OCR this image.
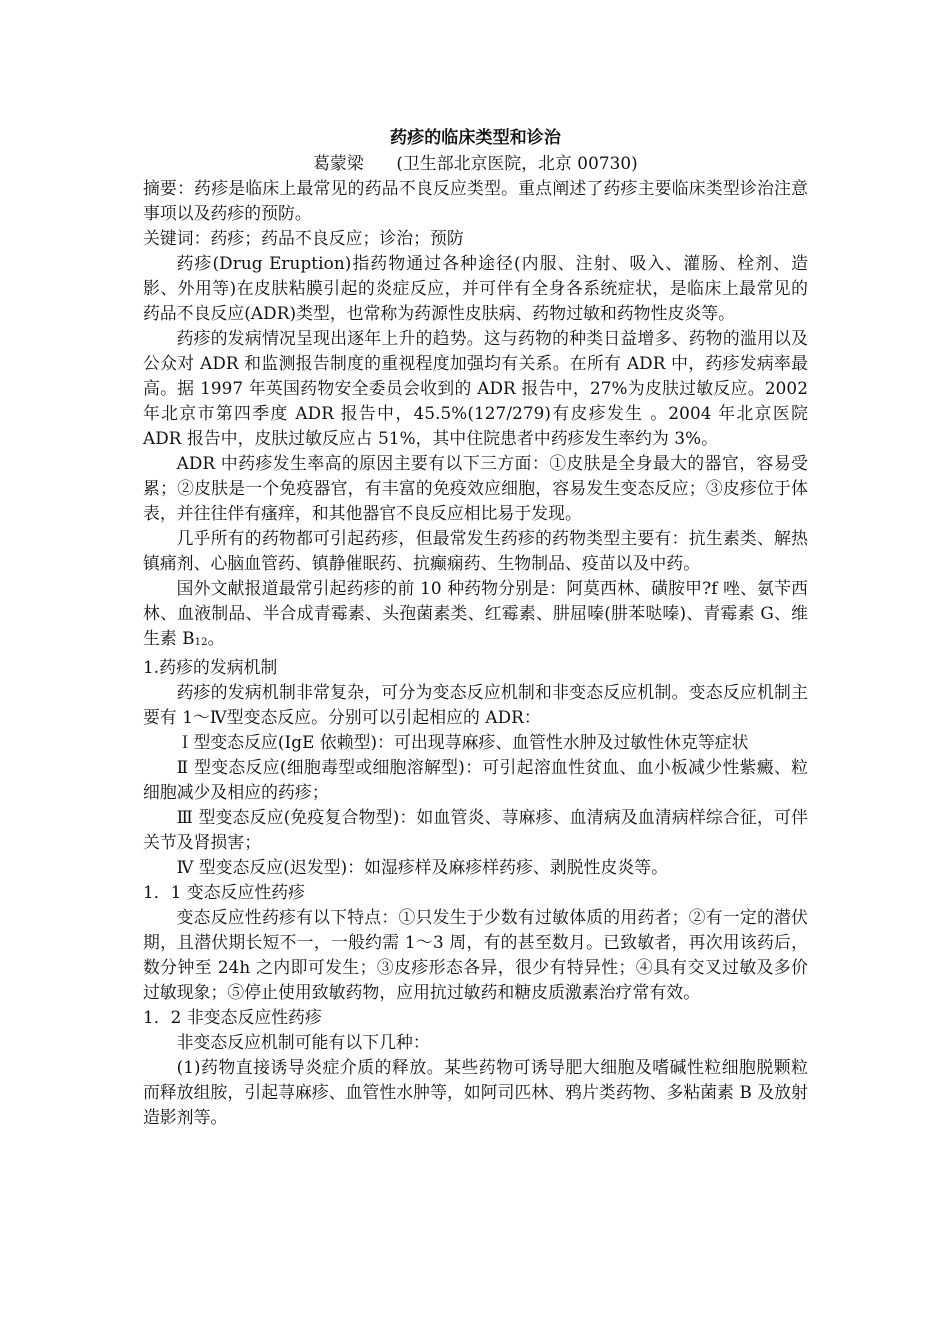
药疹的临床类型和诊治
葛蒙梁      (卫生部北京医院，北京 00730)

摘要：药疹是临床上最常见的药品不良反应类型。重点阐述了药疹主要临床类型诊治注意事项以及药疹的预防。

关键词：药疹；药品不良反应；诊治；预防

药疹(Drug Eruption)指药物通过各种途径(内服、注射、吸入、灌肠、栓剂、造影、外用等)在皮肤粘膜引起的炎症反应，并可伴有全身各系统症状，是临床上最常见的药品不良反应(ADR)类型，也常称为药源性皮肤病、药物过敏和药物性皮炎等。

药疹的发病情况呈现出逐年上升的趋势。这与药物的种类日益增多、药物的滥用以及公众对 ADR 和监测报告制度的重视程度加强均有关系。在所有 ADR 中，药疹发病率最高。据 1997 年英国药物安全委员会收到的 ADR 报告中，27%为皮肤过敏反应。2002 年北京市第四季度 ADR 报告中，45.5%(127/279)有皮疹发生 。2004 年北京医院 ADR 报告中，皮肤过敏反应占 51%，其中住院患者中药疹发生率约为 3%。

ADR 中药疹发生率高的原因主要有以下三方面：①皮肤是全身最大的器官，容易受累；②皮肤是一个免疫器官，有丰富的免疫效应细胞，容易发生变态反应；③皮疹位于体表，并往往伴有瘙痒，和其他器官不良反应相比易于发现。

几乎所有的药物都可引起药疹，但最常发生药疹的药物类型主要有：抗生素类、解热镇痛剂、心脑血管药、镇静催眠药、抗癫痫药、生物制品、疫苗以及中药。

国外文献报道最常引起药疹的前 10 种药物分别是：阿莫西林、磺胺甲?f 唑、氨苄西林、血液制品、半合成青霉素、头孢菌素类、红霉素、肼屈嗪(肼苯哒嗪)、青霉素 G、维生素 $B_{12}$。

1.药疹的发病机制

药疹的发病机制非常复杂，可分为变态反应机制和非变态反应机制。变态反应机制主要有 1～Ⅳ型变态反应。分别可以引起相应的 ADR：

Ｉ型变态反应(IgE 依赖型)：可出现荨麻疹、血管性水肿及过敏性休克等症状

Ⅱ 型变态反应(细胞毒型或细胞溶解型)：可引起溶血性贫血、血小板减少性紫癜、粒细胞减少及相应的药疹；

Ⅲ 型变态反应(免疫复合物型)：如血管炎、荨麻疹、血清病及血清病样综合征，可伴关节及肾损害；

Ⅳ 型变态反应(迟发型)：如湿疹样及麻疹样药疹、剥脱性皮炎等。

1．1 变态反应性药疹

变态反应性药疹有以下特点：①只发生于少数有过敏体质的用药者；②有一定的潜伏期，且潜伏期长短不一，一般约需 1～3 周，有的甚至数月。已致敏者，再次用该药后，数分钟至 24h 之内即可发生；③皮疹形态各异，很少有特异性；④具有交叉过敏及多价过敏现象；⑤停止使用致敏药物，应用抗过敏药和糖皮质激素治疗常有效。

1．2 非变态反应性药疹

非变态反应机制可能有以下几种：

(1)药物直接诱导炎症介质的释放。某些药物可诱导肥大细胞及嗜碱性粒细胞脱颗粒而释放组胺，引起荨麻疹、血管性水肿等，如阿司匹林、鸦片类药物、多粘菌素 B 及放射造影剂等。
